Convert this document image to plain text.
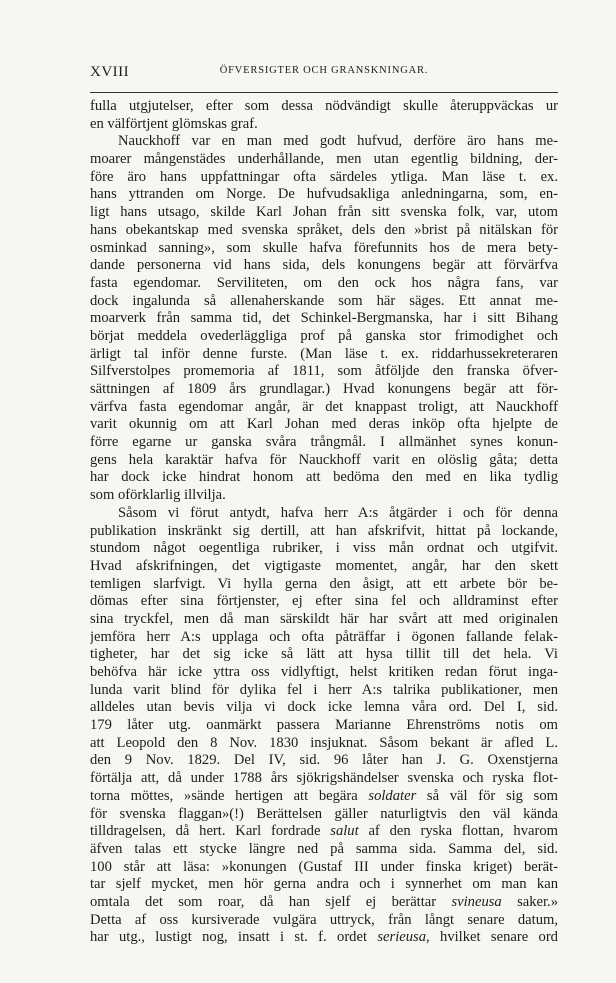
XVIII	ÖFVERSIGTER OCH GRANSKNINGAR.
fulla utgjutelser, efter som dessa nödvändigt skulle återuppväckas ur
en välförtjent glömskas graf.
Nauckhoff var en man med godt hufvud, derföre äro hans me-
moarer mångenstädes underhållande, men utan egentlig bildning, der-
före äro hans uppfattningar ofta särdeles ytliga. Man läse t. ex.
hans yttranden om Norge. De hufvudsakliga anledningarna, som, en-
ligt hans utsago, skilde Karl Johan från sitt svenska folk, var, utom
hans obekantskap med svenska språket, dels den »brist på nitälskan för
osminkad sanning», som skulle hafva förefunnits hos de mera bety-
dande personerna vid hans sida, dels konungens begär att förvärfva
fasta egendomar. Serviliteten, om den ock hos några fans, var
dock ingalunda så allenaherskande som här säges. Ett annat me-
moarverk från samma tid, det Schinkel-Bergmanska, har i sitt Bihang
börjat meddela ovederläggliga prof på ganska stor frimodighet och
ärligt tal inför denne furste. (Man läse t. ex. riddarhussekreteraren
Silfverstolpes promemoria af 1811, som åtföljde den franska öfver-
sättningen af 1809 års grundlagar.) Hvad konungens begär att för-
värfva fasta egendomar angår, är det knappast troligt, att Nauckhoff
varit okunnig om att Karl Johan med deras inköp ofta hjelpte de
förre egarne ur ganska svåra trångmål. I allmänhet synes konun-
gens hela karaktär hafva för Nauckhoff varit en olöslig gåta; detta
har dock icke hindrat honom att bedöma den med en lika tydlig
som oförklarlig illvilja.
Såsom vi förut antydt, hafva herr A:s åtgärder i och för denna
publikation inskränkt sig dertill, att han afskrifvit, hittat på lockande,
stundom något oegentliga rubriker, i viss mån ordnat och utgifvit.
Hvad afskrifningen, det vigtigaste momentet, angår, har den skett
temligen slarfvigt. Vi hylla gerna den åsigt, att ett arbete bör be-
dömas efter sina förtjenster, ej efter sina fel och alldraminst efter
sina tryckfel, men då man särskildt här har svårt att med originalen
jemföra herr A:s upplaga och ofta påträffar i ögonen fallande felak-
tigheter, har det sig icke så lätt att hysa tillit till det hela. Vi
behöfva här icke yttra oss vidlyftigt, helst kritiken redan förut inga-
lunda varit blind för dylika fel i herr A:s talrika publikationer, men
alldeles utan bevis vilja vi dock icke lemna våra ord. Del I, sid.
179 låter utg. oanmärkt passera Marianne Ehrenströms notis om
att Leopold den 8 Nov. 1830 insjuknat. Såsom bekant är afled L.
den 9 Nov. 1829. Del IV, sid. 96 låter han J. G. Oxenstjerna
förtälja att, då under 1788 års sjökrigshändelser svenska och ryska flot-
torna möttes, »sände hertigen att begära soldater så väl för sig som
för svenska flaggan»(!) Berättelsen gäller naturligtvis den väl kända
tilldragelsen, då hert. Karl fordrade salut af den ryska flottan, hvarom
äfven talas ett stycke längre ned på samma sida. Samma del, sid.
100 står att läsa: »konungen (Gustaf III under finska kriget) berät-
tar sjelf mycket, men hör gerna andra och i synnerhet om man kan
omtala det som roar, då han sjelf ej berättar svineusa saker.»
Detta af oss kursiverade vulgära uttryck, från långt senare datum,
har utg., lustigt nog, insatt i st. f. ordet serieusa, hvilket senare ord
